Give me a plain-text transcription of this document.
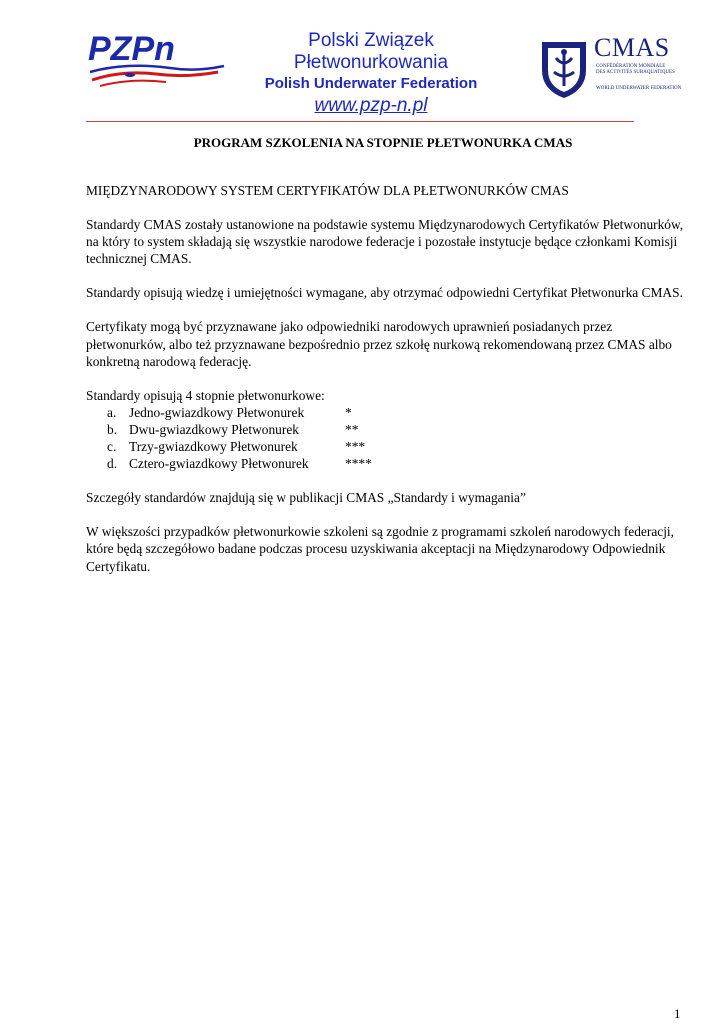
PZPn	Polski Związek
Płetwonurkowania
Polish Underwater Federation
www.pzp-n.pl
CMAS
CONFÉDÉRATION MONDIALE
DES ACTIVITÉS SUBAQUATIQUES
WORLD UNDERWATER FEDERATION
PROGRAM SZKOLENIA NA STOPNIE PŁETWONURKA CMAS

MIĘDZYNARODOWY SYSTEM CERTYFIKATÓW DLA PŁETWONURKÓW CMAS

Standardy CMAS zostały ustanowione na podstawie systemu Międzynarodowych Certyfikatów Płetwonurków, na który to system składają się wszystkie narodowe federacje i pozostałe instytucje będące członkami Komisji technicznej CMAS.

Standardy opisują wiedzę i umiejętności wymagane, aby otrzymać odpowiedni Certyfikat Płetwonurka CMAS.

Certyfikaty mogą być przyznawane jako odpowiedniki narodowych uprawnień posiadanych przez płetwonurków, albo też przyznawane bezpośrednio przez szkołę nurkową rekomendowaną przez CMAS albo konkretną narodową federację.

Standardy opisują 4 stopnie płetwonurkowe:
a. Jedno-gwiazdkowy Płetwonurek	*
b. Dwu-gwiazdkowy Płetwonurek	**
c. Trzy-gwiazdkowy Płetwonurek	***
d. Cztero-gwiazdkowy Płetwonurek	****

Szczegóły standardów znajdują się w publikacji CMAS „Standardy i wymagania”

W większości przypadków płetwonurkowie szkoleni są zgodnie z programami szkoleń narodowych federacji, które będą szczegółowo badane podczas procesu uzyskiwania akceptacji na Międzynarodowy Odpowiednik Certyfikatu.

1
